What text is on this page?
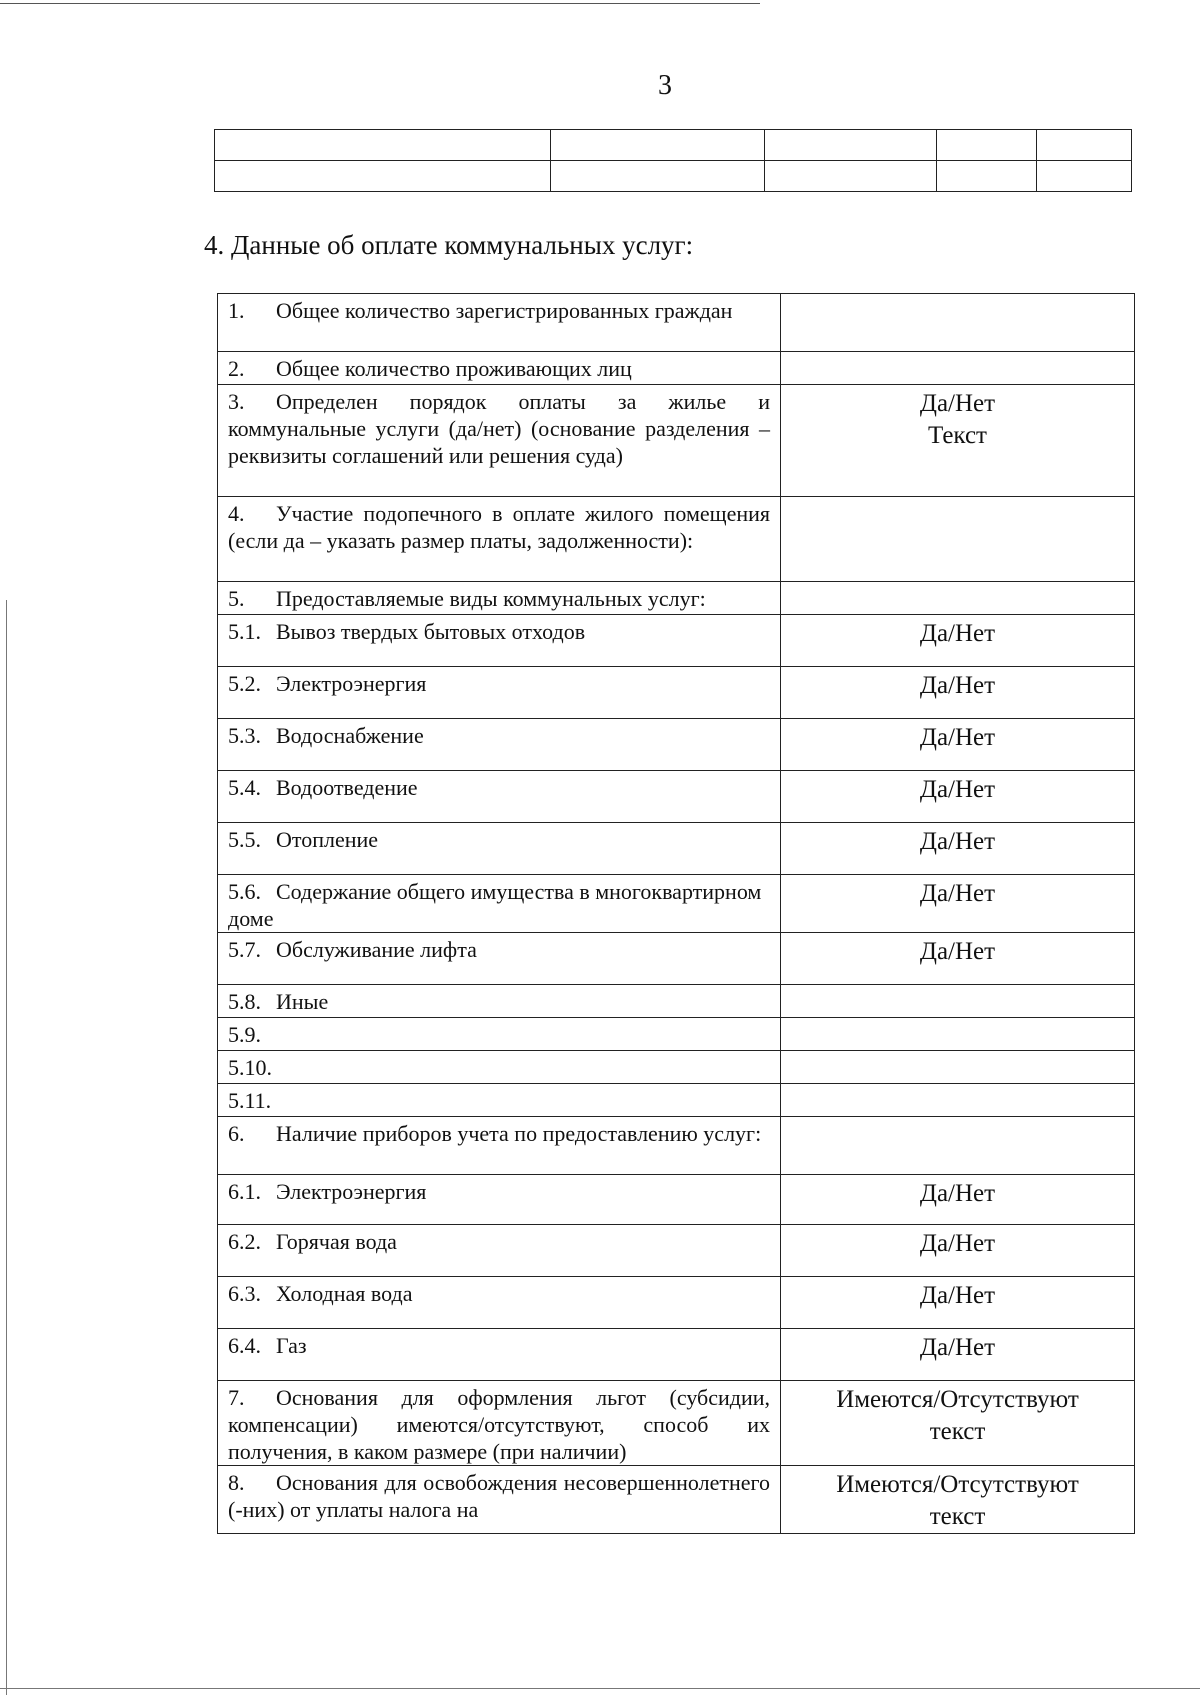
3

4. Данные об оплате коммунальных услуг:
1. Общее количество зарегистрированных граждан	

2. Общее количество проживающих лиц	

3. Определен порядок оплаты за жилье и коммунальные услуги (да/нет) (основание разделения – реквизиты соглашений или решения суда)	Да/Нет
Текст

4. Участие подопечного в оплате жилого помещения (если да – указать размер платы, задолженности):	

5. Предоставляемые виды коммунальных услуг:	

5.1. Вывоз твердых бытовых отходов	Да/Нет

5.2. Электроэнергия	Да/Нет

5.3. Водоснабжение	Да/Нет

5.4. Водоотведение	Да/Нет

5.5. Отопление	Да/Нет

5.6. Содержание общего имущества в многоквартирном доме	Да/Нет

5.7. Обслуживание лифта	Да/Нет

5.8. Иные	

5.9.	

5.10.	

5.11.	

6. Наличие приборов учета по предоставлению услуг:	

6.1. Электроэнергия	Да/Нет

6.2. Горячая вода	Да/Нет

6.3. Холодная вода	Да/Нет

6.4. Газ	Да/Нет

7. Основания для оформления льгот (субсидии, компенсации) имеются/отсутствуют, способ их получения, в каком размере (при наличии)	Имеются/Отсутствуют
текст

8. Основания для освобождения несовершеннолетнего (-них) от уплаты налога на	Имеются/Отсутствуют
текст
